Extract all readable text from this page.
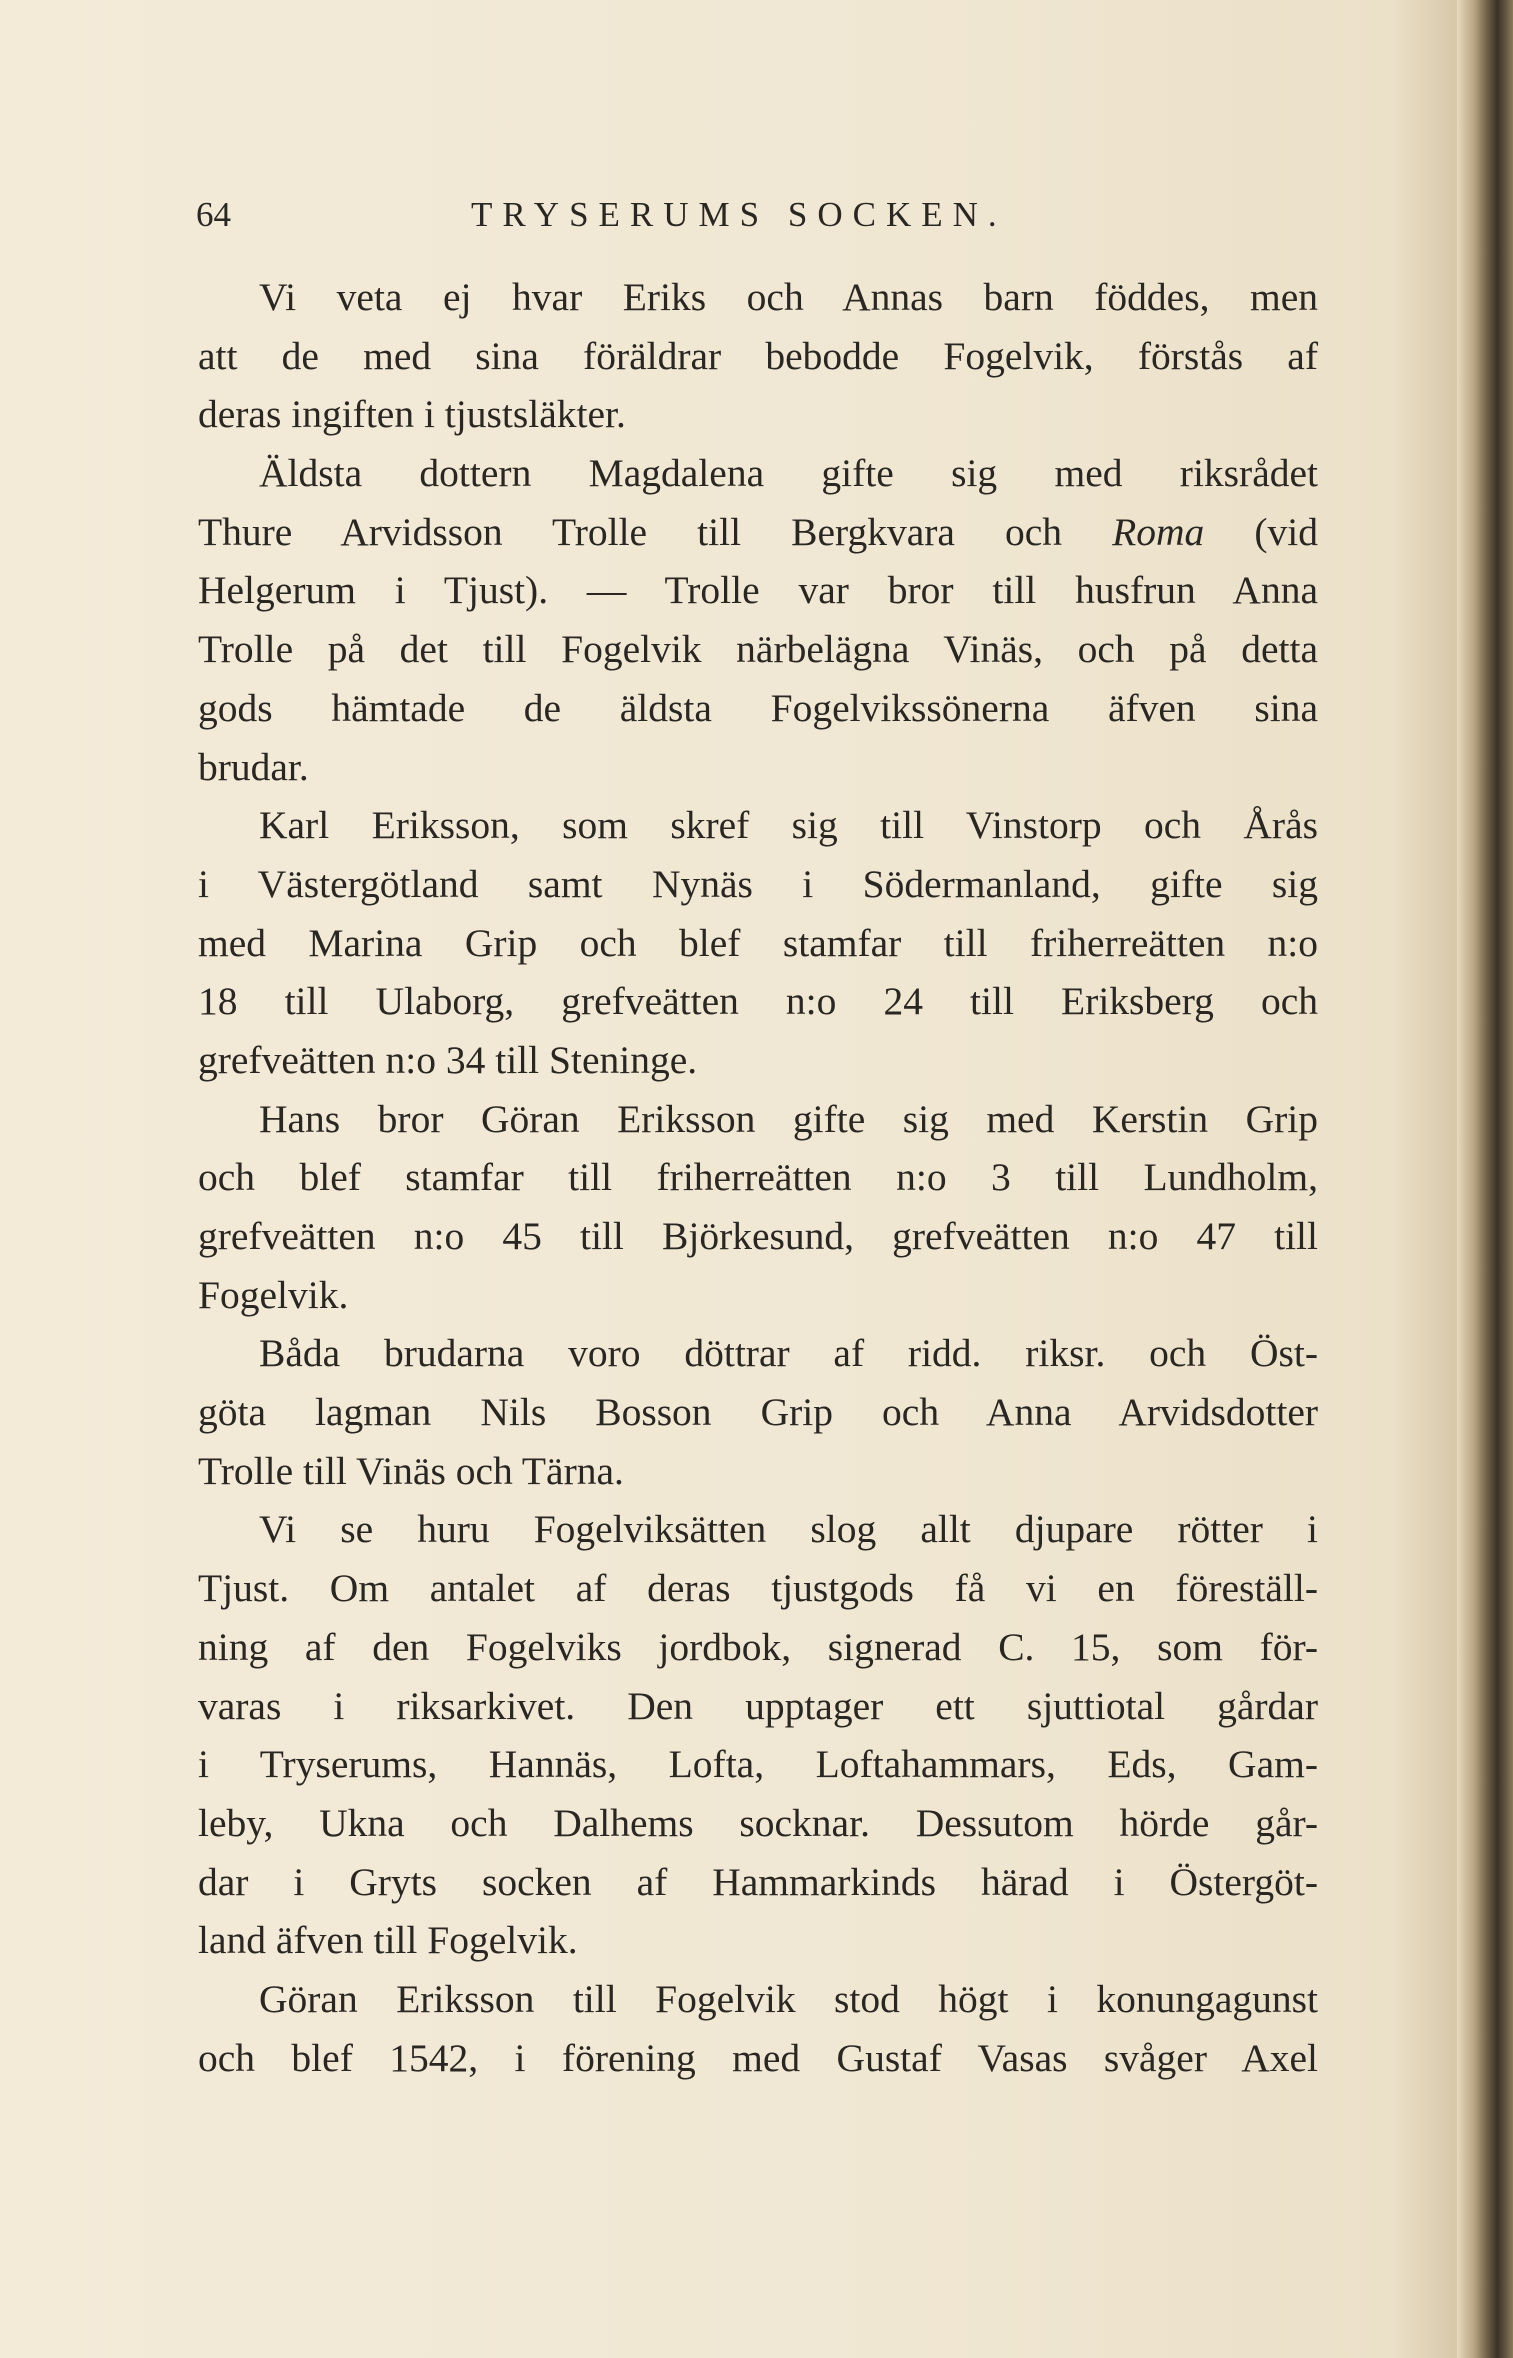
64	TRYSERUMS SOCKEN.
Vi veta ej hvar Eriks och Annas barn föddes, men
att de med sina föräldrar bebodde Fogelvik, förstås af
deras ingiften i tjustsläkter.
Äldsta dottern Magdalena gifte sig med riksrådet
Thure Arvidsson Trolle till Bergkvara och Roma (vid
Helgerum i Tjust). — Trolle var bror till husfrun Anna
Trolle på det till Fogelvik närbelägna Vinäs, och på detta
gods hämtade de äldsta Fogelvikssönerna äfven sina
brudar.
Karl Eriksson, som skref sig till Vinstorp och Årås
i Västergötland samt Nynäs i Södermanland, gifte sig
med Marina Grip och blef stamfar till friherreätten n:o
18 till Ulaborg, grefveätten n:o 24 till Eriksberg och
grefveätten n:o 34 till Steninge.
Hans bror Göran Eriksson gifte sig med Kerstin Grip
och blef stamfar till friherreätten n:o 3 till Lundholm,
grefveätten n:o 45 till Björkesund, grefveätten n:o 47 till
Fogelvik.
Båda brudarna voro döttrar af ridd. riksr. och Öst-
göta lagman Nils Bosson Grip och Anna Arvidsdotter
Trolle till Vinäs och Tärna.
Vi se huru Fogelviksätten slog allt djupare rötter i
Tjust. Om antalet af deras tjustgods få vi en föreställ-
ning af den Fogelviks jordbok, signerad C. 15, som för-
varas i riksarkivet. Den upptager ett sjuttiotal gårdar
i Tryserums, Hannäs, Lofta, Loftahammars, Eds, Gam-
leby, Ukna och Dalhems socknar. Dessutom hörde går-
dar i Gryts socken af Hammarkinds härad i Östergöt-
land äfven till Fogelvik.
Göran Eriksson till Fogelvik stod högt i konungagunst
och blef 1542, i förening med Gustaf Vasas svåger Axel
